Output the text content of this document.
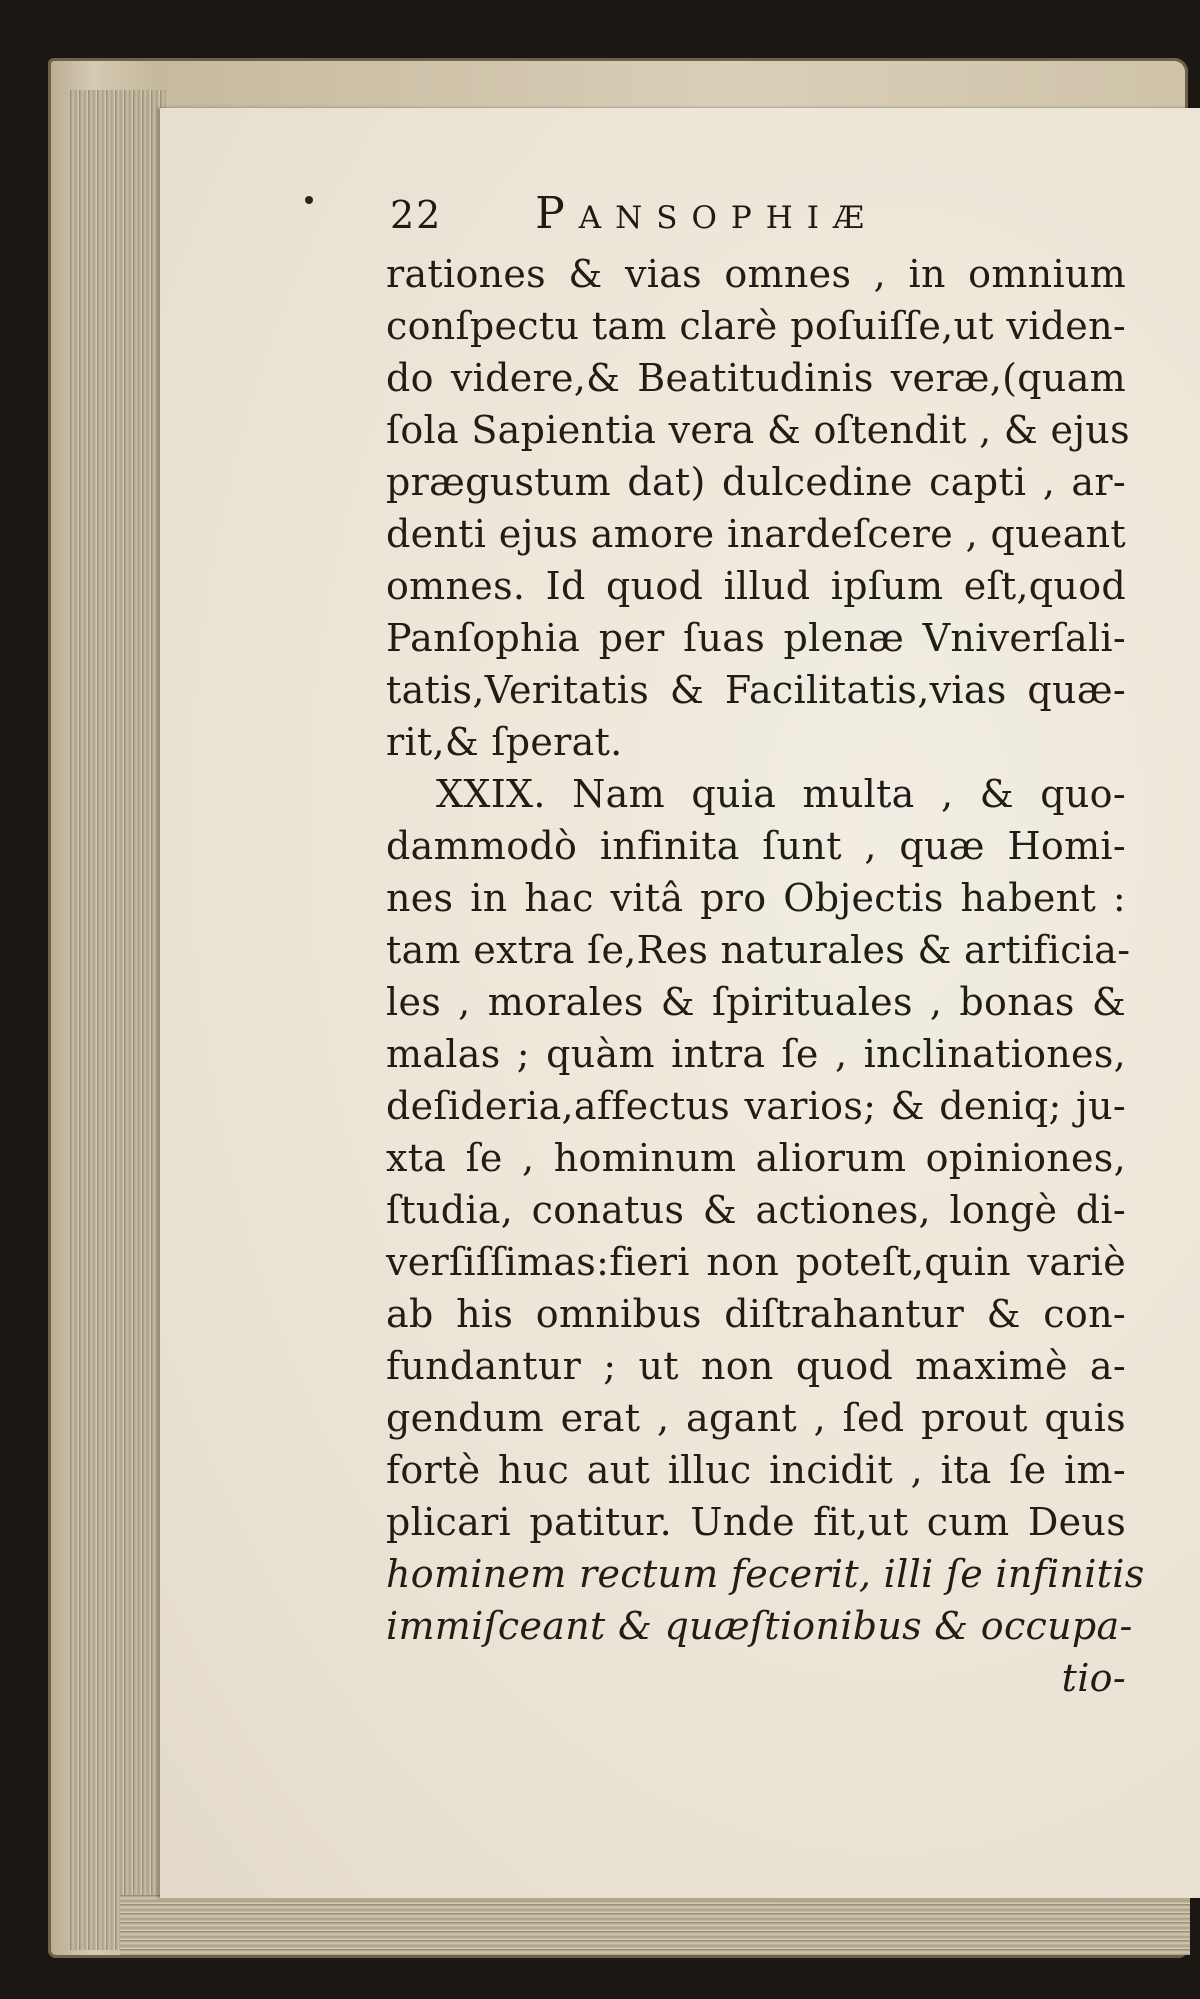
22 Pansophiæ
rationes & vias omnes , in omnium
conſpectu tam clarè poſuiſſe,ut viden-
do videre,& Beatitudinis veræ,(quam
ſola Sapientia vera & oſtendit , & ejus
prægustum dat) dulcedine capti , ar-
denti ejus amore inardeſcere , queant
omnes. Id quod illud ipſum eſt,quod
Panſophia per ſuas plenæ Vniverſali-
tatis,Veritatis & Facilitatis,vias quæ-
rit,& ſperat.
XXIX. Nam quia multa , & quo-
dammodò infinita ſunt , quæ Homi-
nes in hac vitâ pro Objectis habent :
tam extra ſe,Res naturales & artificia-
les , morales & ſpirituales , bonas &
malas ; quàm intra ſe , inclinationes,
deſideria,affectus varios; & deniq; ju-
xta ſe , hominum aliorum opiniones,
ſtudia, conatus & actiones, longè di-
verſiſſimas:fieri non poteſt,quin variè
ab his omnibus diſtrahantur & con-
fundantur ; ut non quod maximè a-
gendum erat , agant , ſed prout quis
fortè huc aut illuc incidit , ita ſe im-
plicari patitur. Unde fit,ut cum Deus
hominem rectum fecerit, illi ſe infinitis
immiſceant & quæſtionibus & occupa-
tio-
